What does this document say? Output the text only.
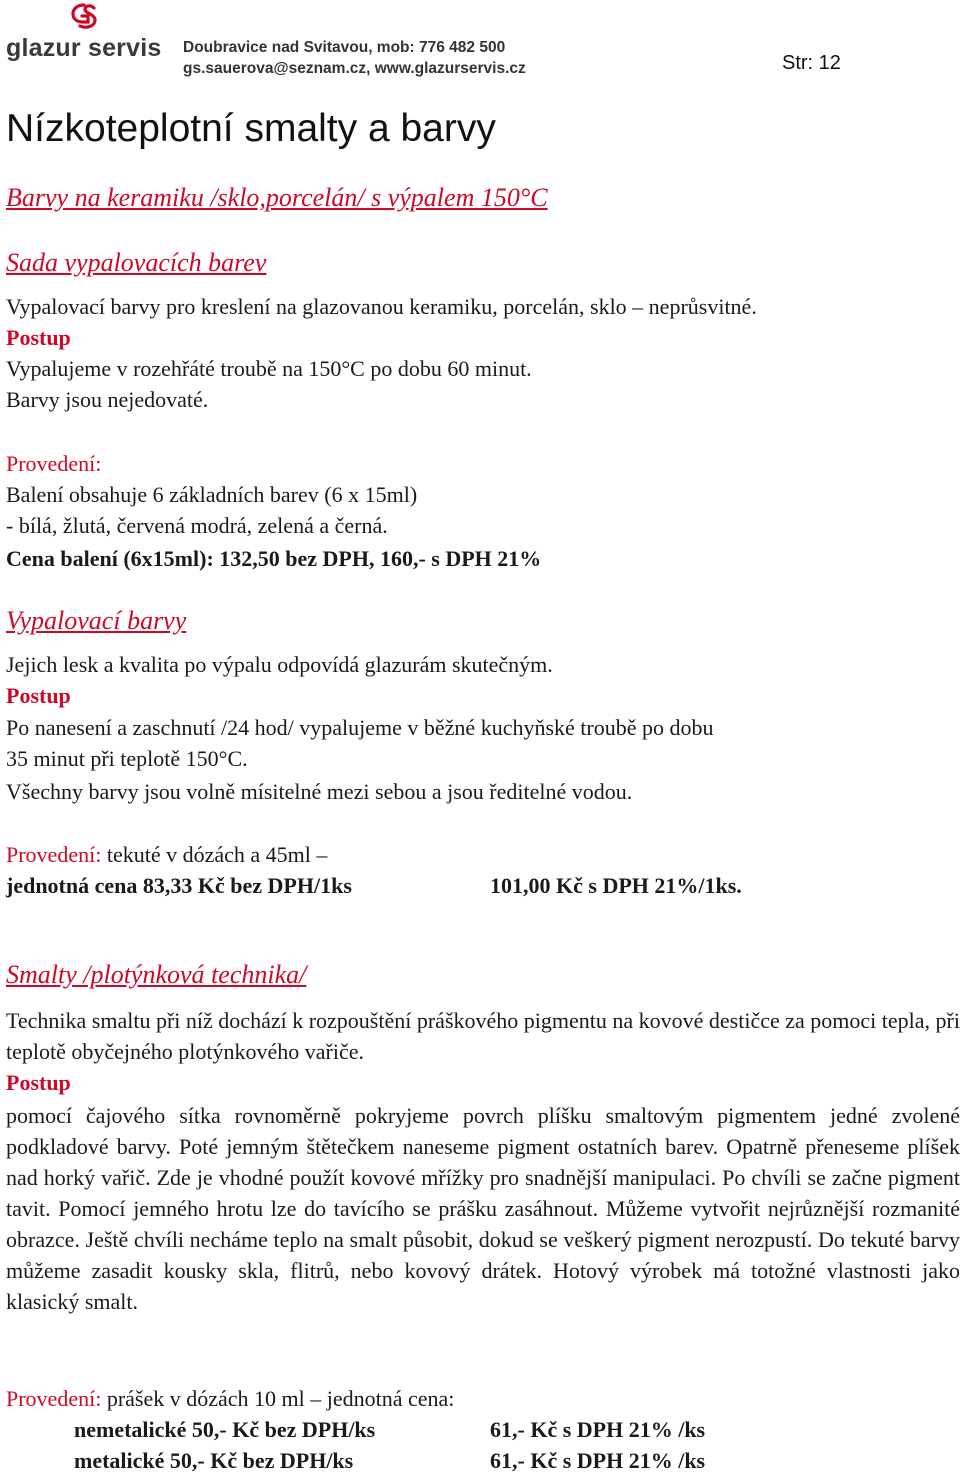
glazur servis Doubravice nad Svitavou, mob: 776 482 500
gs.sauerova@seznam.cz, www.glazurservis.cz	Str: 12
Nízkoteplotní smalty a barvy
Barvy na keramiku /sklo,porcelán/ s výpalem 150°C
Sada vypalovacích barev
Vypalovací barvy pro kreslení na glazovanou keramiku, porcelán, sklo – neprůsvitné.
Postup
Vypalujeme v rozehřáté troubě na 150°C po dobu 60 minut.
Barvy jsou nejedovaté.
Provedení:
Balení obsahuje 6 základních barev (6 x 15ml)
- bílá, žlutá, červená modrá, zelená a černá.
Cena balení (6x15ml): 132,50 bez DPH, 160,- s DPH 21%
Vypalovací barvy
Jejich lesk a kvalita po výpalu odpovídá glazurám skutečným.
Postup
Po nanesení a zaschnutí /24 hod/ vypalujeme v běžné kuchyňské troubě po dobu
35 minut při teplotě 150°C.
Všechny barvy jsou volně mísitelné mezi sebou a jsou ředitelné vodou.
Provedení: tekuté v dózách a 45ml –
jednotná cena 83,33 Kč bez DPH/1ks	101,00 Kč s DPH 21%/1ks.
Smalty /plotýnková technika/

Technika smaltu při níž dochází k rozpouštění práškového pigmentu na kovové destičce za pomoci tepla, při teplotě obyčejného plotýnkového vařiče.

Postup

pomocí čajového sítka rovnoměrně pokryjeme povrch plíšku smaltovým pigmentem jedné zvolené podkladové barvy. Poté jemným štětečkem naneseme pigment ostatních barev. Opatrně přeneseme plíšek nad horký vařič. Zde je vhodné použít kovové mřížky pro snadnější manipulaci. Po chvíli se začne pigment tavit. Pomocí jemného hrotu lze do tavícího se prášku zasáhnout. Můžeme vytvořit nejrůznější rozmanité obrazce. Ještě chvíli necháme teplo na smalt působit, dokud se veškerý pigment nerozpustí. Do tekuté barvy můžeme zasadit kousky skla, flitrů, nebo kovový drátek. Hotový výrobek má totožné vlastnosti jako klasický smalt.

Provedení: prášek v dózách 10 ml – jednotná cena:
nemetalické 50,- Kč bez DPH/ks	61,- Kč s DPH 21% /ks
metalické 50,- Kč bez DPH/ks	61,- Kč s DPH 21% /ks
